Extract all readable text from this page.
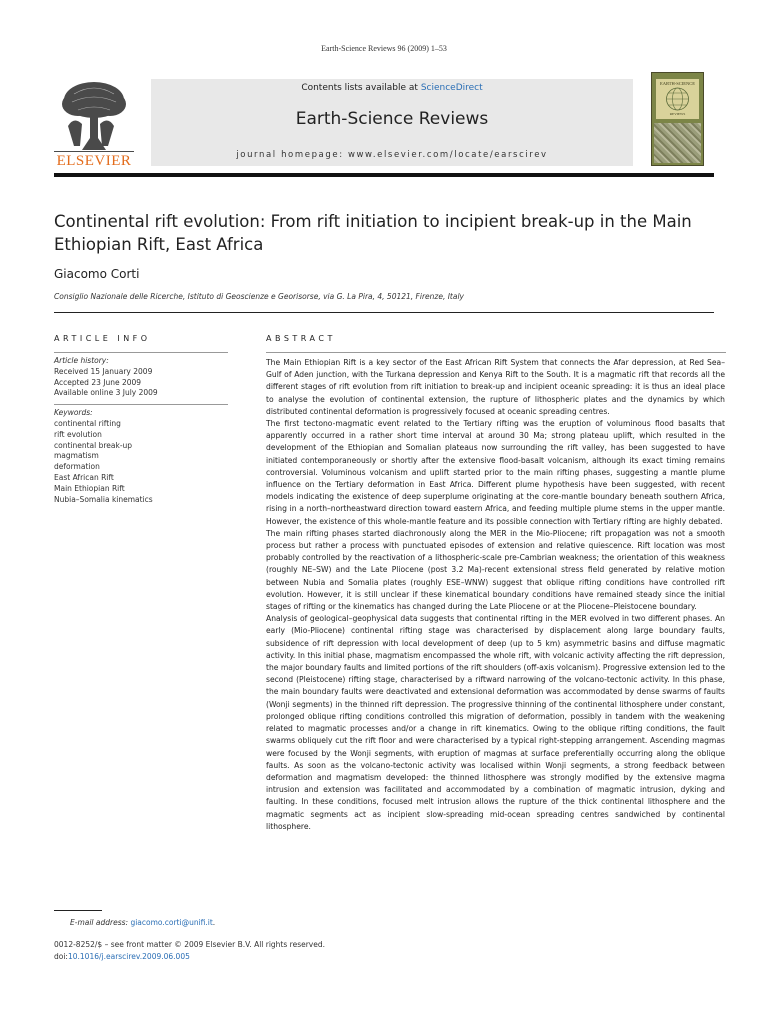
Earth-Science Reviews 96 (2009) 1–53
ELSEVIER
Contents lists available at ScienceDirect
Earth-Science Reviews
journal homepage: www.elsevier.com/locate/earscirev
EARTH-SCIENCE
REVIEWS
Continental rift evolution: From rift initiation to incipient break-up in the Main Ethiopian Rift, East Africa
Giacomo Corti
Consiglio Nazionale delle Ricerche, Istituto di Geoscienze e Georisorse, via G. La Pira, 4, 50121, Firenze, Italy
ARTICLE INFO	ABSTRACT
Article history:
Received 15 January 2009
Accepted 23 June 2009
Available online 3 July 2009
Keywords:
continental rifting
rift evolution
continental break-up
magmatism
deformation
East African Rift
Main Ethiopian Rift
Nubia–Somalia kinematics

The Main Ethiopian Rift is a key sector of the East African Rift System that connects the Afar depression, at Red Sea–Gulf of Aden junction, with the Turkana depression and Kenya Rift to the South. It is a magmatic rift that records all the different stages of rift evolution from rift initiation to break-up and incipient oceanic spreading: it is thus an ideal place to analyse the evolution of continental extension, the rupture of lithospheric plates and the dynamics by which distributed continental deformation is progressively focused at oceanic spreading centres.

The first tectono-magmatic event related to the Tertiary rifting was the eruption of voluminous flood basalts that apparently occurred in a rather short time interval at around 30 Ma; strong plateau uplift, which resulted in the development of the Ethiopian and Somalian plateaus now surrounding the rift valley, has been suggested to have initiated contemporaneously or shortly after the extensive flood-basalt volcanism, although its exact timing remains controversial. Voluminous volcanism and uplift started prior to the main rifting phases, suggesting a mantle plume influence on the Tertiary deformation in East Africa. Different plume hypothesis have been suggested, with recent models indicating the existence of deep superplume originating at the core-mantle boundary beneath southern Africa, rising in a north–northeastward direction toward eastern Africa, and feeding multiple plume stems in the upper mantle. However, the existence of this whole-mantle feature and its possible connection with Tertiary rifting are highly debated.

The main rifting phases started diachronously along the MER in the Mio-Pliocene; rift propagation was not a smooth process but rather a process with punctuated episodes of extension and relative quiescence. Rift location was most probably controlled by the reactivation of a lithospheric-scale pre-Cambrian weakness; the orientation of this weakness (roughly NE–SW) and the Late Pliocene (post 3.2 Ma)-recent extensional stress field generated by relative motion between Nubia and Somalia plates (roughly ESE–WNW) suggest that oblique rifting conditions have controlled rift evolution. However, it is still unclear if these kinematical boundary conditions have remained steady since the initial stages of rifting or the kinematics has changed during the Late Pliocene or at the Pliocene–Pleistocene boundary.

Analysis of geological–geophysical data suggests that continental rifting in the MER evolved in two different phases. An early (Mio-Pliocene) continental rifting stage was characterised by displacement along large boundary faults, subsidence of rift depression with local development of deep (up to 5 km) asymmetric basins and diffuse magmatic activity. In this initial phase, magmatism encompassed the whole rift, with volcanic activity affecting the rift depression, the major boundary faults and limited portions of the rift shoulders (off-axis volcanism). Progressive extension led to the second (Pleistocene) rifting stage, characterised by a riftward narrowing of the volcano-tectonic activity. In this phase, the main boundary faults were deactivated and extensional deformation was accommodated by dense swarms of faults (Wonji segments) in the thinned rift depression. The progressive thinning of the continental lithosphere under constant, prolonged oblique rifting conditions controlled this migration of deformation, possibly in tandem with the weakening related to magmatic processes and/or a change in rift kinematics. Owing to the oblique rifting conditions, the fault swarms obliquely cut the rift floor and were characterised by a typical right-stepping arrangement. Ascending magmas were focused by the Wonji segments, with eruption of magmas at surface preferentially occurring along the oblique faults. As soon as the volcano-tectonic activity was localised within Wonji segments, a strong feedback between deformation and magmatism developed: the thinned lithosphere was strongly modified by the extensive magma intrusion and extension was facilitated and accommodated by a combination of magmatic intrusion, dyking and faulting. In these conditions, focused melt intrusion allows the rupture of the thick continental lithosphere and the magmatic segments act as incipient slow-spreading mid-ocean spreading centres sandwiched by continental lithosphere.

E-mail address: giacomo.corti@unifi.it.
0012-8252/$ – see front matter © 2009 Elsevier B.V. All rights reserved.
doi:10.1016/j.earscirev.2009.06.005
